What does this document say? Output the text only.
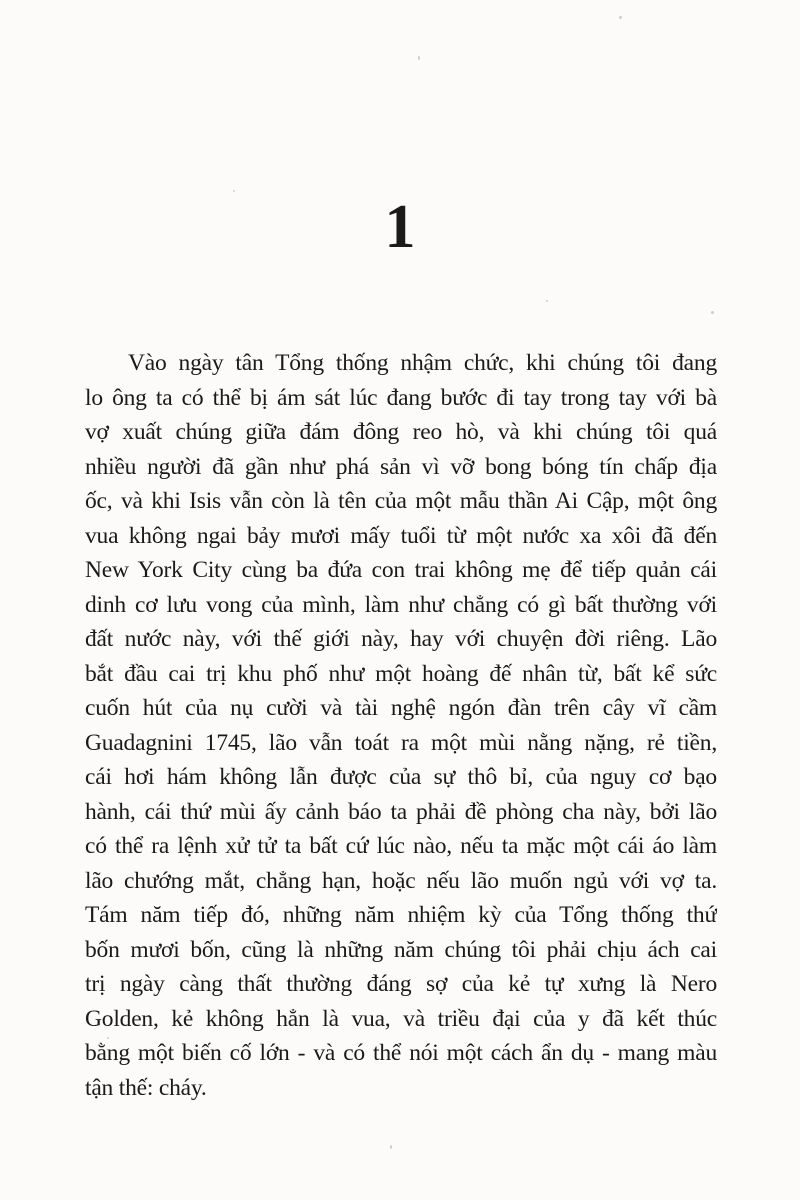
1
Vào ngày tân Tổng thống nhậm chức, khi chúng tôi đang
lo ông ta có thể bị ám sát lúc đang bước đi tay trong tay với bà
vợ xuất chúng giữa đám đông reo hò, và khi chúng tôi quá
nhiều người đã gần như phá sản vì vỡ bong bóng tín chấp địa
ốc, và khi Isis vẫn còn là tên của một mẫu thần Ai Cập, một ông
vua không ngai bảy mươi mấy tuổi từ một nước xa xôi đã đến
New York City cùng ba đứa con trai không mẹ để tiếp quản cái
dinh cơ lưu vong của mình, làm như chẳng có gì bất thường với
đất nước này, với thế giới này, hay với chuyện đời riêng. Lão
bắt đầu cai trị khu phố như một hoàng đế nhân từ, bất kể sức
cuốn hút của nụ cười và tài nghệ ngón đàn trên cây vĩ cầm
Guadagnini 1745, lão vẫn toát ra một mùi nằng nặng, rẻ tiền,
cái hơi hám không lẫn được của sự thô bỉ, của nguy cơ bạo
hành, cái thứ mùi ấy cảnh báo ta phải đề phòng cha này, bởi lão
có thể ra lệnh xử tử ta bất cứ lúc nào, nếu ta mặc một cái áo làm
lão chướng mắt, chẳng hạn, hoặc nếu lão muốn ngủ với vợ ta.
Tám năm tiếp đó, những năm nhiệm kỳ của Tổng thống thứ
bốn mươi bốn, cũng là những năm chúng tôi phải chịu ách cai
trị ngày càng thất thường đáng sợ của kẻ tự xưng là Nero
Golden, kẻ không hẳn là vua, và triều đại của y đã kết thúc
bằng một biến cố lớn - và có thể nói một cách ẩn dụ - mang màu
tận thế: cháy.
